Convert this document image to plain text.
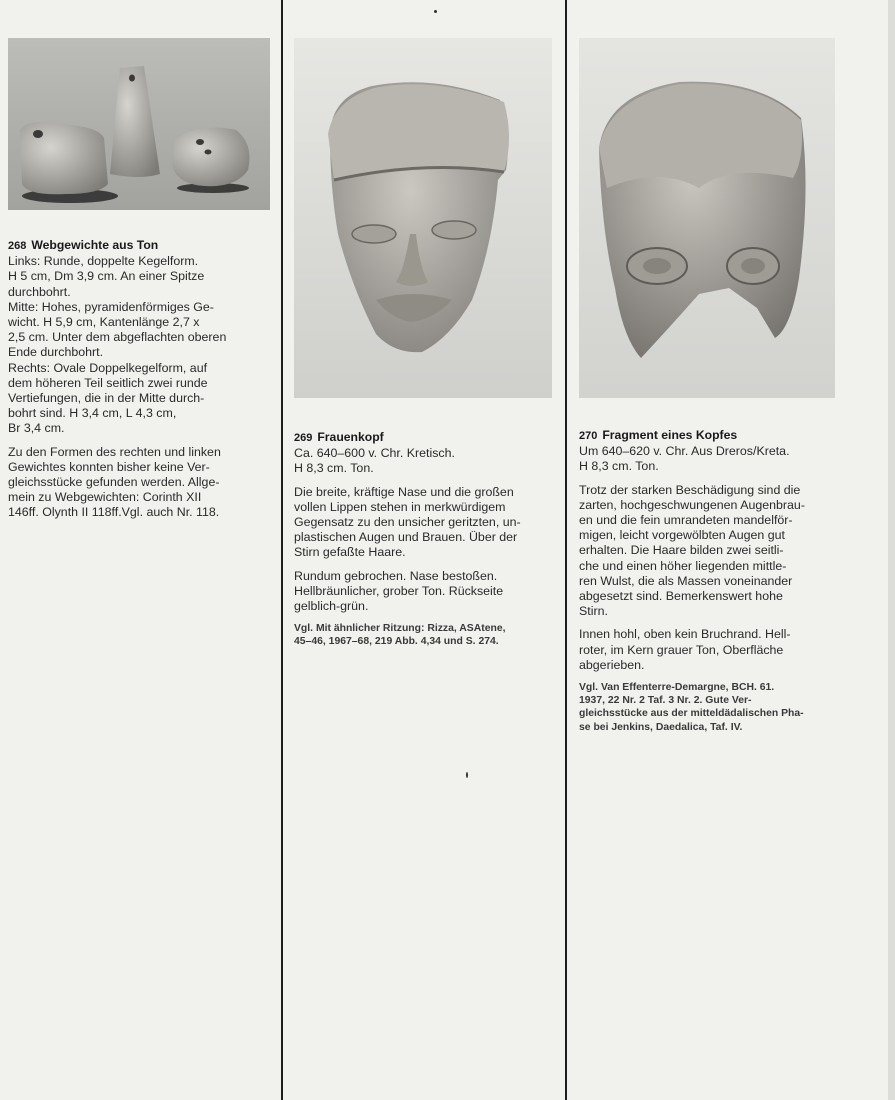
268 Webgewichte aus Ton

Links: Runde, doppelte Kegelform.

H 5 cm, Dm 3,9 cm. An einer Spitze

durchbohrt.

Mitte: Hohes, pyramidenförmiges Ge-

wicht. H 5,9 cm, Kantenlänge 2,7 x

2,5 cm. Unter dem abgeflachten oberen

Ende durchbohrt.

Rechts: Ovale Doppelkegelform, auf

dem höheren Teil seitlich zwei runde

Vertiefungen, die in der Mitte durch-

bohrt sind. H 3,4 cm, L 4,3 cm,

Br 3,4 cm.

Zu den Formen des rechten und linken

Gewichtes konnten bisher keine Ver-

gleichsstücke gefunden werden. Allge-

mein zu Webgewichten: Corinth XII

146ff. Olynth II 118ff.Vgl. auch Nr. 118.

269 Frauenkopf

Ca. 640–600 v. Chr. Kretisch.

H 8,3 cm. Ton.

Die breite, kräftige Nase und die großen

vollen Lippen stehen in merkwürdigem

Gegensatz zu den unsicher geritzten, un-

plastischen Augen und Brauen. Über der

Stirn gefaßte Haare.

Rundum gebrochen. Nase bestoßen.

Hellbräunlicher, grober Ton. Rückseite

gelblich-grün.

Vgl. Mit ähnlicher Ritzung: Rizza, ASAtene,

45–46, 1967–68, 219 Abb. 4,34 und S. 274.

270 Fragment eines Kopfes

Um 640–620 v. Chr. Aus Dreros/Kreta.

H 8,3 cm. Ton.

Trotz der starken Beschädigung sind die

zarten, hochgeschwungenen Augenbrau-

en und die fein umrandeten mandelför-

migen, leicht vorgewölbten Augen gut

erhalten. Die Haare bilden zwei seitli-

che und einen höher liegenden mittle-

ren Wulst, die als Massen voneinander

abgesetzt sind. Bemerkenswert hohe

Stirn.

Innen hohl, oben kein Bruchrand. Hell-

roter, im Kern grauer Ton, Oberfläche

abgerieben.

Vgl. Van Effenterre-Demargne, BCH. 61.

1937, 22 Nr. 2 Taf. 3 Nr. 2. Gute Ver-

gleichsstücke aus der mitteldädalischen Pha-

se bei Jenkins, Daedalica, Taf. IV.
